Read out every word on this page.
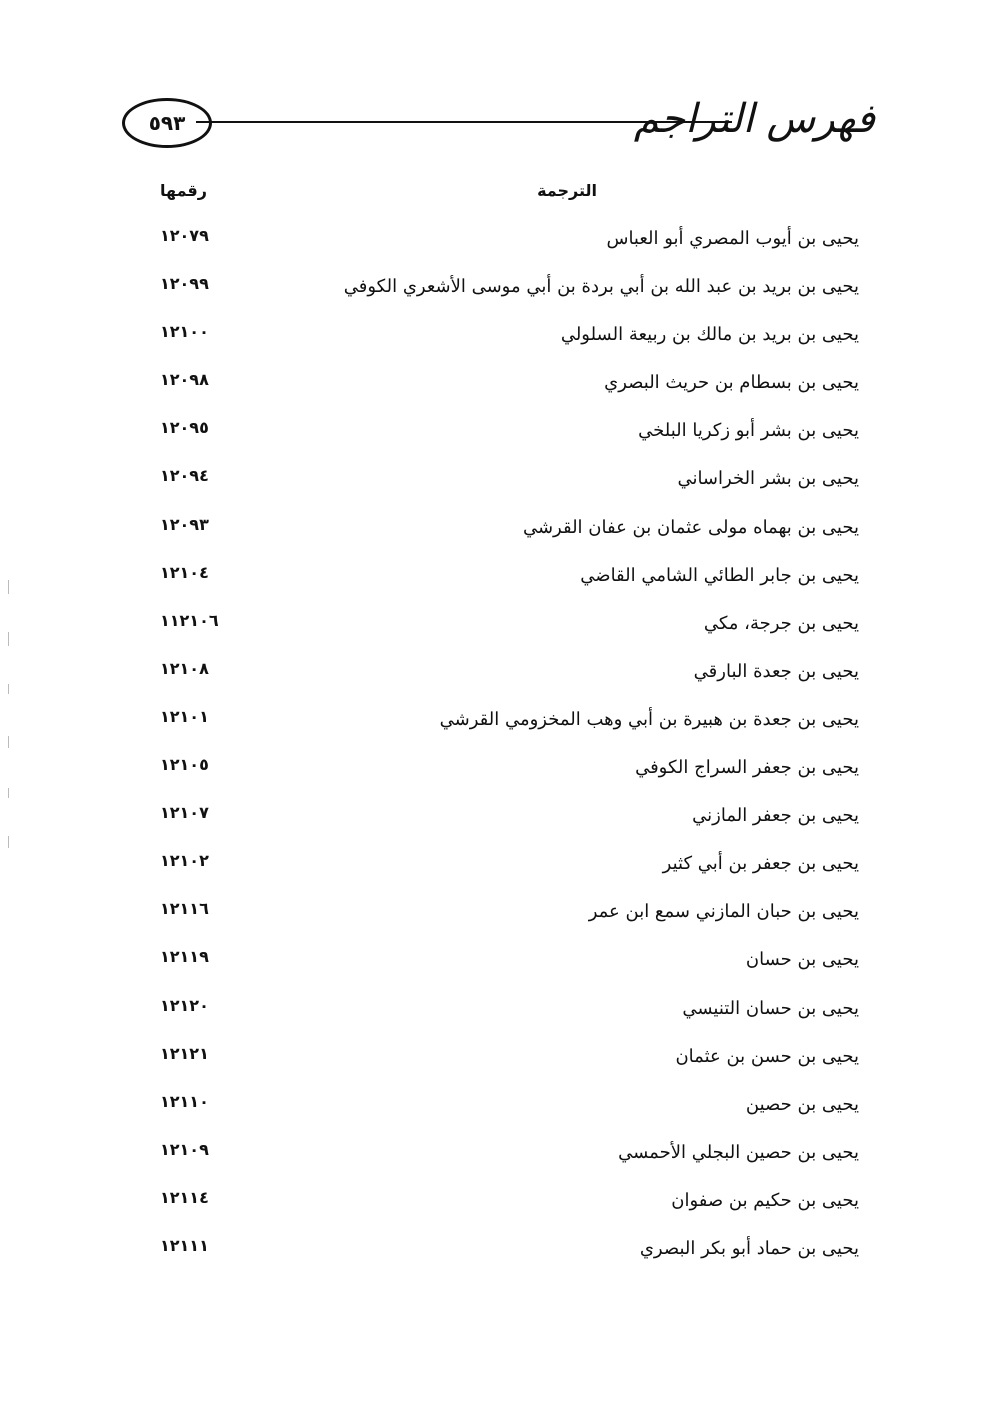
فهرس التراجم
٥٩٣
الترجمة
رقمها
يحيى بن أيوب المصري أبو العباس
١٢٠٧٩
يحيى بن بريد بن عبد الله بن أبي بردة بن أبي موسى الأشعري الكوفي
١٢٠٩٩
يحيى بن بريد بن مالك بن ربيعة السلولي
١٢١٠٠
يحيى بن بسطام بن حريث البصري
١٢٠٩٨
يحيى بن بشر أبو زكريا البلخي
١٢٠٩٥
يحيى بن بشر الخراساني
١٢٠٩٤
يحيى بن بهماه مولى عثمان بن عفان القرشي
١٢٠٩٣
يحيى بن جابر الطائي الشامي القاضي
١٢١٠٤
يحيى بن جرجة، مكي
١١٢١٠٦
يحيى بن جعدة البارقي
١٢١٠٨
يحيى بن جعدة بن هبيرة بن أبي وهب المخزومي القرشي
١٢١٠١
يحيى بن جعفر السراج الكوفي
١٢١٠٥
يحيى بن جعفر المازني
١٢١٠٧
يحيى بن جعفر بن أبي كثير
١٢١٠٢
يحيى بن حبان المازني سمع ابن عمر
١٢١١٦
يحيى بن حسان
١٢١١٩
يحيى بن حسان التنيسي
١٢١٢٠
يحيى بن حسن بن عثمان
١٢١٢١
يحيى بن حصين
١٢١١٠
يحيى بن حصين البجلي الأحمسي
١٢١٠٩
يحيى بن حكيم بن صفوان
١٢١١٤
يحيى بن حماد أبو بكر البصري
١٢١١١
